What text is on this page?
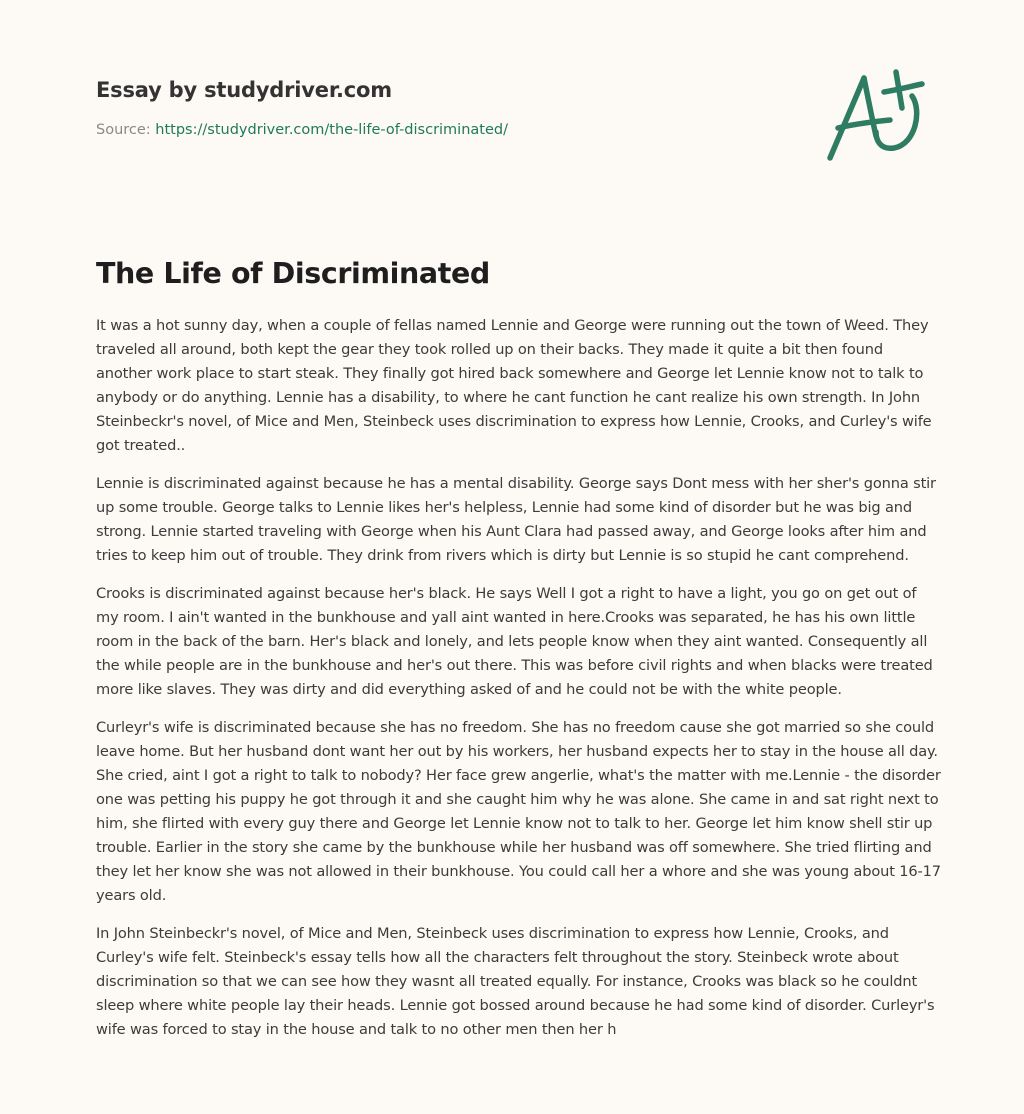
Essay by studydriver.com
Source: https://studydriver.com/the-life-of-discriminated/
The Life of Discriminated

It was a hot sunny day, when a couple of fellas named Lennie and George were running out the town of Weed. They traveled all around, both kept the gear they took rolled up on their backs. They made it quite a bit then found another work place to start steak. They finally got hired back somewhere and George let Lennie know not to talk to anybody or do anything. Lennie has a disability, to where he cant function he cant realize his own strength. In John Steinbeckr's novel, of Mice and Men, Steinbeck uses discrimination to express how Lennie, Crooks, and Curley's wife got treated..

Lennie is discriminated against because he has a mental disability. George says Dont mess with her sher's gonna stir up some trouble. George talks to Lennie likes her's helpless, Lennie had some kind of disorder but he was big and strong. Lennie started traveling with George when his Aunt Clara had passed away, and George looks after him and tries to keep him out of trouble. They drink from rivers which is dirty but Lennie is so stupid he cant comprehend.

Crooks is discriminated against because her's black. He says Well I got a right to have a light, you go on get out of my room. I ain't wanted in the bunkhouse and yall aint wanted in here.Crooks was separated, he has his own little room in the back of the barn. Her's black and lonely, and lets people know when they aint wanted. Consequently all the while people are in the bunkhouse and her's out there. This was before civil rights and when blacks were treated more like slaves. They was dirty and did everything asked of and he could not be with the white people.

Curleyr's wife is discriminated because she has no freedom. She has no freedom cause she got married so she could leave home. But her husband dont want her out by his workers, her husband expects her to stay in the house all day. She cried, aint I got a right to talk to nobody? Her face grew angerlie, what's the matter with me.Lennie - the disorder one was petting his puppy he got through it and she caught him why he was alone. She came in and sat right next to him, she flirted with every guy there and George let Lennie know not to talk to her. George let him know shell stir up trouble. Earlier in the story she came by the bunkhouse while her husband was off somewhere. She tried flirting and they let her know she was not allowed in their bunkhouse. You could call her a whore and she was young about 16-17 years old.

In John Steinbeckr's novel, of Mice and Men, Steinbeck uses discrimination to express how Lennie, Crooks, and Curley's wife felt. Steinbeck's essay tells how all the characters felt throughout the story. Steinbeck wrote about discrimination so that we can see how they wasnt all treated equally. For instance, Crooks was black so he couldnt sleep where white people lay their heads. Lennie got bossed around because he had some kind of disorder. Curleyr's wife was forced to stay in the house and talk to no other men then her h
